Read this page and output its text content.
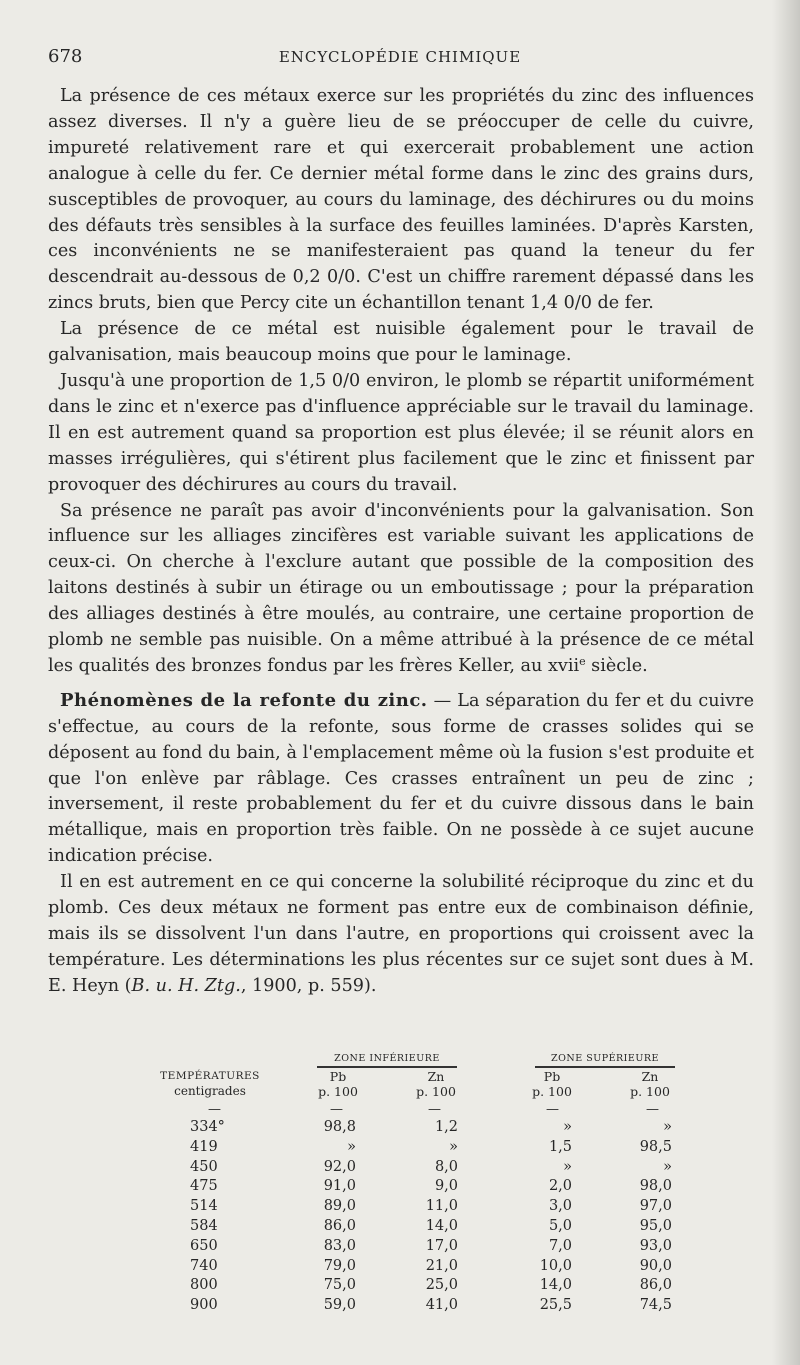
678	ENCYCLOPÉDIE CHIMIQUE

La présence de ces métaux exerce sur les propriétés du zinc des influences assez diverses. Il n'y a guère lieu de se préoccuper de celle du cuivre, impureté relativement rare et qui exercerait probablement une action analogue à celle du fer. Ce dernier métal forme dans le zinc des grains durs, susceptibles de provoquer, au cours du laminage, des déchirures ou du moins des défauts très sensibles à la surface des feuilles laminées. D'après Karsten, ces inconvénients ne se manifesteraient pas quand la teneur du fer descendrait au-dessous de 0,2 0/0. C'est un chiffre rarement dépassé dans les zincs bruts, bien que Percy cite un échantillon tenant 1,4 0/0 de fer.

La présence de ce métal est nuisible également pour le travail de galvanisation, mais beaucoup moins que pour le laminage.

Jusqu'à une proportion de 1,5 0/0 environ, le plomb se répartit uniformément dans le zinc et n'exerce pas d'influence appréciable sur le travail du laminage. Il en est autrement quand sa proportion est plus élevée; il se réunit alors en masses irrégulières, qui s'étirent plus facilement que le zinc et finissent par provoquer des déchirures au cours du travail.

Sa présence ne paraît pas avoir d'inconvénients pour la galvanisation. Son influence sur les alliages zincifères est variable suivant les applications de ceux-ci. On cherche à l'exclure autant que possible de la composition des laitons destinés à subir un étirage ou un emboutissage ; pour la préparation des alliages destinés à être moulés, au contraire, une certaine proportion de plomb ne semble pas nuisible. On a même attribué à la présence de ce métal les qualités des bronzes fondus par les frères Keller, au xvii$^e$ siècle.

Phénomènes de la refonte du zinc. — La séparation du fer et du cuivre s'effectue, au cours de la refonte, sous forme de crasses solides qui se déposent au fond du bain, à l'emplacement même où la fusion s'est produite et que l'on enlève par râblage. Ces crasses entraînent un peu de zinc ; inversement, il reste probablement du fer et du cuivre dissous dans le bain métallique, mais en proportion très faible. On ne possède à ce sujet aucune indication précise.

Il en est autrement en ce qui concerne la solubilité réciproque du zinc et du plomb. Ces deux métaux ne forment pas entre eux de combinaison définie, mais ils se dissolvent l'un dans l'autre, en proportions qui croissent avec la température. Les déterminations les plus récentes sur ce sujet sont dues à M. E. Heyn (B. u. H. Ztg., 1900, p. 559).

ZONE INFÉRIEURE	ZONE SUPÉRIEURE
TEMPÉRATURES
centigrades
Pb
p. 100
Zn
p. 100
Pb
p. 100
Zn
p. 100
—	—	—	—	—
334°	98,8	1,2	»	»
419	»	»	1,5	98,5
450	92,0	8,0	»	»
475	91,0	9,0	2,0	98,0
514	89,0	11,0	3,0	97,0
584	86,0	14,0	5,0	95,0
650	83,0	17,0	7,0	93,0
740	79,0	21,0	10,0	90,0
800	75,0	25,0	14,0	86,0
900	59,0	41,0	25,5	74,5
